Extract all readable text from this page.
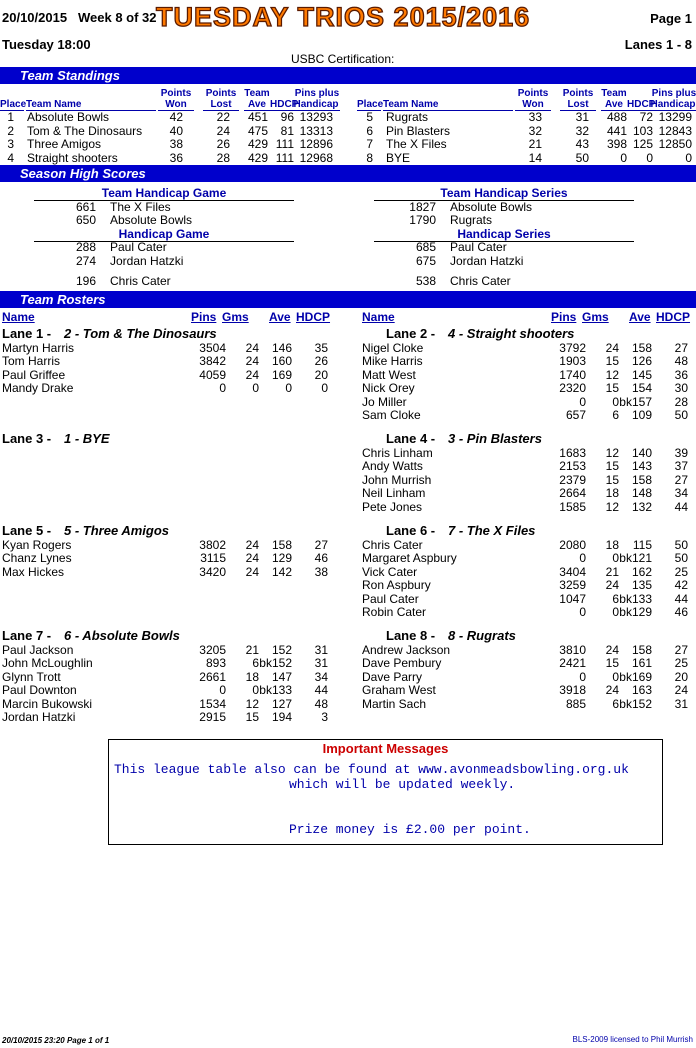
20/10/2015 Week 8 of 32 TUESDAY TRIOS 2015/2016	Page 1
Tuesday 18:00	Lanes 1 - 8
USBC Certification:
Team Standings
Place Team Name
Points
Won
Points
Lost
Team
Ave HDCP
Pins plus
Handicap Place Team Name
Points
Won
Points
Lost
Team
Ave HDCP
Pins plus
Handicap
1 Absolute Bowls	42	22	451	96 13293
2 Tom & The Dinosaurs	40	24	475	81 13313
3 Three Amigos	38	26	429 111 12896
4 Straight shooters	36	28	429 111 12968
5 Rugrats	33	31	488	72 13299
6 Pin Blasters	32	32	441 103 12843
7 The X Files	21	43	398 125 12850
8 BYE	14	50	0	0	0
Season High Scores
Team Handicap Game	Team Handicap Series
661 The X Files
650 Absolute Bowls
1827 Absolute Bowls
1790 Rugrats
Handicap Game	Handicap Series
288 Paul Cater
274 Jordan Hatzki
685 Paul Cater
675 Jordan Hatzki
196 Chris Cater	538 Chris Cater
Team Rosters
Name	Pins Gms Ave HDCP	Name	Pins Gms Ave HDCP
Lane 1 - 2 - Tom & The Dinosaurs
Martyn Harris	3504	24	146	35
Tom Harris	3842	24	160	26
Paul Griffee	4059	24	169	20
Mandy Drake	0	0	0	0
Lane 2 - 4 - Straight shooters
Nigel Cloke	3792	24	158	27
Mike Harris	1903	15	126	48
Matt West	1740	12	145	36
Nick Orey	2320	15	154	30
Jo Miller	0	0 bk157	28
Sam Cloke	657	6	109	50
Lane 3 - 1 - BYE	Lane 4 - 3 - Pin Blasters
Chris Linham	1683	12	140	39
Andy Watts	2153	15	143	37
John Murrish	2379	15	158	27
Neil Linham	2664	18	148	34
Pete Jones	1585	12	132	44
Lane 5 - 5 - Three Amigos
Kyan Rogers	3802	24	158	27
Chanz Lynes	3115	24	129	46
Max Hickes	3420	24	142	38
Lane 6 - 7 - The X Files
Chris Cater	2080	18	115	50
Margaret Aspbury	0	0 bk121	50
Vick Cater	3404	21	162	25
Ron Aspbury	3259	24	135	42
Paul Cater	1047	6 bk133	44
Robin Cater	0	0 bk129	46
Lane 7 - 6 - Absolute Bowls
Paul Jackson	3205	21	152	31
John McLoughlin	893	6 bk152	31
Glynn Trott	2661	18	147	34
Paul Downton	0	0 bk133	44
Marcin Bukowski	1534	12	127	48
Jordan Hatzki	2915	15	194	3
Lane 8 - 8 - Rugrats
Andrew Jackson	3810	24	158	27
Dave Pembury	2421	15	161	25
Dave Parry	0	0 bk169	20
Graham West	3918	24	163	24
Martin Sach	885	6 bk152	31
Important Messages
This league table also can be found at www.avonmeadsbowling.org.uk
which will be updated weekly.
Prize money is £2.00 per point.
20/10/2015 23:20 Page 1 of 1	BLS-2009 licensed to Phil Murrish
